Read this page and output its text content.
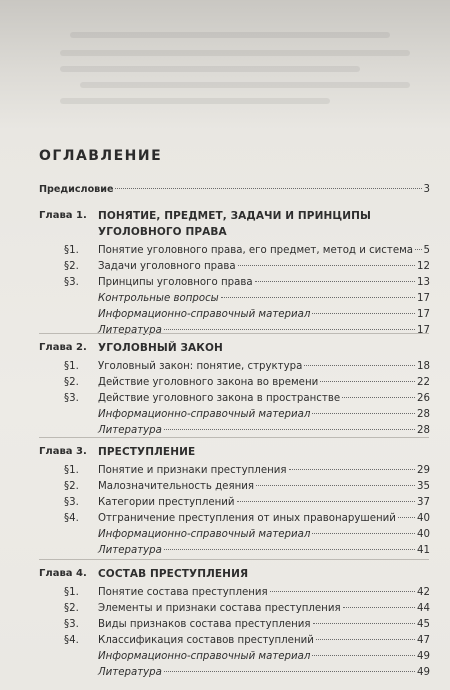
ОГЛАВЛЕНИЕ
Предисловие	3
Глава 1. ПОНЯТИЕ, ПРЕДМЕТ, ЗАДАЧИ И ПРИНЦИПЫ
УГОЛОВНОГО ПРАВА
§1. Понятие уголовного права, его предмет, метод и система 5
§2. Задачи уголовного права	12
§3. Принципы уголовного права	13
Контрольные вопросы	17
Информационно-справочный материал	17
Литература	17
Глава 2. УГОЛОВНЫЙ ЗАКОН
§1. Уголовный закон: понятие, структура	18
§2. Действие уголовного закона во времени	22
§3. Действие уголовного закона в пространстве	26
Информационно-справочный материал	28
Литература	28
Глава 3. ПРЕСТУПЛЕНИЕ
§1. Понятие и признаки преступления	29
§2. Малозначительность деяния	35
§3. Категории преступлений	37
§4. Отграничение преступления от иных правонарушений 40
Информационно-справочный материал	40
Литература	41
Глава 4. СОСТАВ ПРЕСТУПЛЕНИЯ
§1. Понятие состава преступления	42
§2. Элементы и признаки состава преступления	44
§3. Виды признаков состава преступления	45
§4. Классификация составов преступлений	47
Информационно-справочный материал	49
Литература	49
